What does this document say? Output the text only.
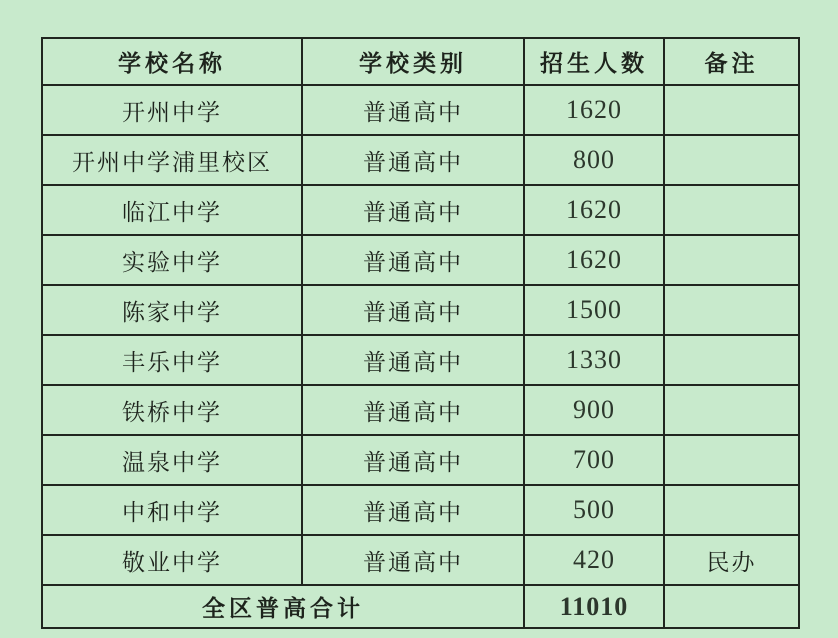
学校名称	学校类别	招生人数	备注
开州中学	普通高中	1620	
开州中学浦里校区	普通高中	800	
临江中学	普通高中	1620	
实验中学	普通高中	1620	
陈家中学	普通高中	1500	
丰乐中学	普通高中	1330	
铁桥中学	普通高中	900	
温泉中学	普通高中	700	
中和中学	普通高中	500	
敬业中学	普通高中	420	民办
全区普高合计		11010	
